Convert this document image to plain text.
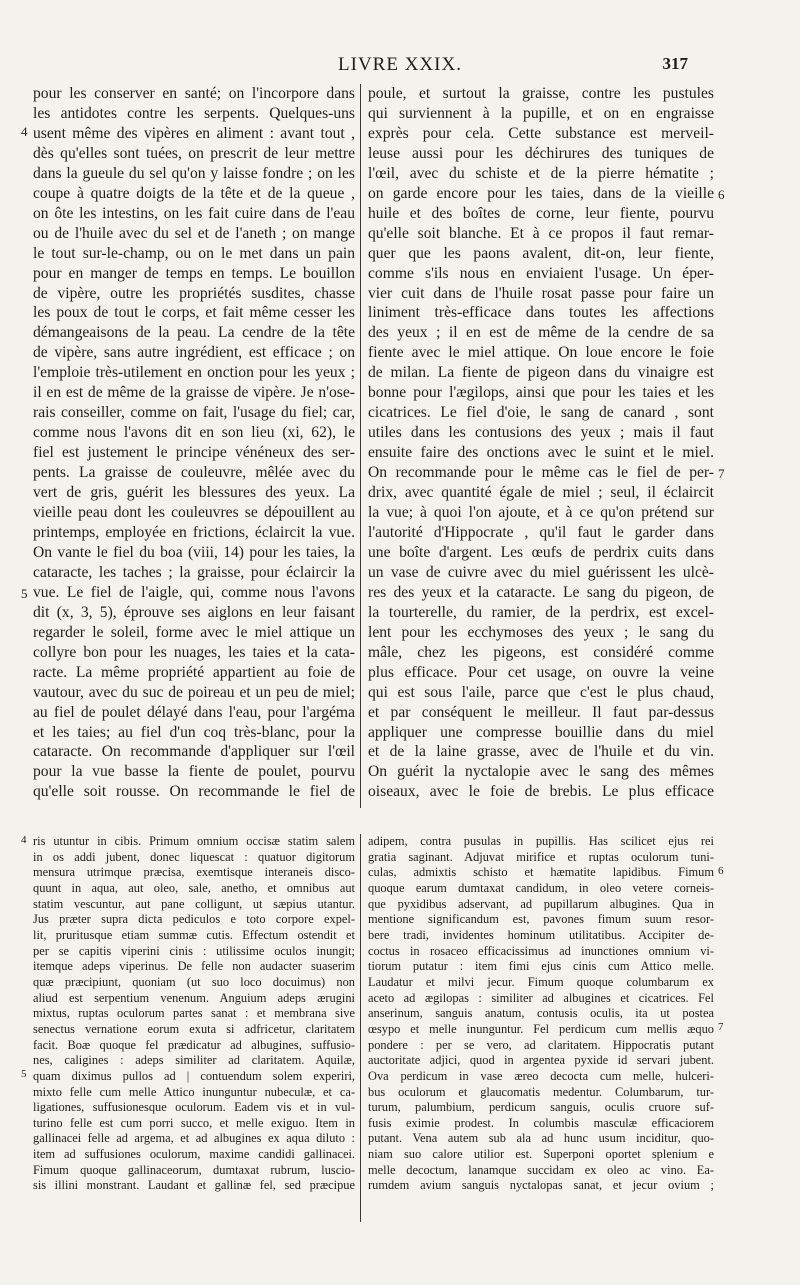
LIVRE XXIX.	317
pour les conserver en santé; on l'incorpore dans
les antidotes contre les serpents. Quelques-uns
usent même des vipères en aliment : avant tout ,
dès qu'elles sont tuées, on prescrit de leur mettre
dans la gueule du sel qu'on y laisse fondre ; on les
coupe à quatre doigts de la tête et de la queue ,
on ôte les intestins, on les fait cuire dans de l'eau
ou de l'huile avec du sel et de l'aneth ; on mange
le tout sur-le-champ, ou on le met dans un pain
pour en manger de temps en temps. Le bouillon
de vipère, outre les propriétés susdites, chasse
les poux de tout le corps, et fait même cesser les
démangeaisons de la peau. La cendre de la tête
de vipère, sans autre ingrédient, est efficace ; on
l'emploie très-utilement en onction pour les yeux ;
il en est de même de la graisse de vipère. Je n'ose-
rais conseiller, comme on fait, l'usage du fiel; car,
comme nous l'avons dit en son lieu (xi, 62), le
fiel est justement le principe vénéneux des ser-
pents. La graisse de couleuvre, mêlée avec du
vert de gris, guérit les blessures des yeux. La
vieille peau dont les couleuvres se dépouillent au
printemps, employée en frictions, éclaircit la vue.
On vante le fiel du boa (viii, 14) pour les taies, la
cataracte, les taches ; la graisse, pour éclaircir la
vue. Le fiel de l'aigle, qui, comme nous l'avons
dit (x, 3, 5), éprouve ses aiglons en leur faisant
regarder le soleil, forme avec le miel attique un
collyre bon pour les nuages, les taies et la cata-
racte. La même propriété appartient au foie de
vautour, avec du suc de poireau et un peu de miel;
au fiel de poulet délayé dans l'eau, pour l'argéma
et les taies; au fiel d'un coq très-blanc, pour la
cataracte. On recommande d'appliquer sur l'œil
pour la vue basse la fiente de poulet, pourvu
qu'elle soit rousse. On recommande le fiel de
poule, et surtout la graisse, contre les pustules
qui surviennent à la pupille, et on en engraisse
exprès pour cela. Cette substance est merveil-
leuse aussi pour les déchirures des tuniques de
l'œil, avec du schiste et de la pierre hématite ;
on garde encore pour les taies, dans de la vieille
huile et des boîtes de corne, leur fiente, pourvu
qu'elle soit blanche. Et à ce propos il faut remar-
quer que les paons avalent, dit-on, leur fiente,
comme s'ils nous en enviaient l'usage. Un éper-
vier cuit dans de l'huile rosat passe pour faire un
liniment très-efficace dans toutes les affections
des yeux ; il en est de même de la cendre de sa
fiente avec le miel attique. On loue encore le foie
de milan. La fiente de pigeon dans du vinaigre est
bonne pour l'ægilops, ainsi que pour les taies et les
cicatrices. Le fiel d'oie, le sang de canard , sont
utiles dans les contusions des yeux ; mais il faut
ensuite faire des onctions avec le suint et le miel.
On recommande pour le même cas le fiel de per-
drix, avec quantité égale de miel ; seul, il éclaircit
la vue; à quoi l'on ajoute, et à ce qu'on prétend sur
l'autorité d'Hippocrate , qu'il faut le garder dans
une boîte d'argent. Les œufs de perdrix cuits dans
un vase de cuivre avec du miel guérissent les ulcè-
res des yeux et la cataracte. Le sang du pigeon, de
la tourterelle, du ramier, de la perdrix, est excel-
lent pour les ecchymoses des yeux ; le sang du
mâle, chez les pigeons, est considéré comme
plus efficace. Pour cet usage, on ouvre la veine
qui est sous l'aile, parce que c'est le plus chaud,
et par conséquent le meilleur. Il faut par-dessus
appliquer une compresse bouillie dans du miel
et de la laine grasse, avec de l'huile et du vin.
On guérit la nyctalopie avec le sang des mêmes
oiseaux, avec le foie de brebis. Le plus efficace
ris utuntur in cibis. Primum omnium occisæ statim salem
in os addi jubent, donec liquescat : quatuor digitorum
mensura utrimque præcisa, exemtisque interaneis disco-
quunt in aqua, aut oleo, sale, anetho, et omnibus aut
statim vescuntur, aut pane colligunt, ut sæpius utantur.
Jus præter supra dicta pediculos e toto corpore expel-
lit, pruritusque etiam summæ cutis. Effectum ostendit et
per se capitis viperini cinis : utilissime oculos inungit;
itemque adeps viperinus. De felle non audacter suaserim
quæ præcipiunt, quoniam (ut suo loco docuimus) non
aliud est serpentium venenum. Anguium adeps ærugini
mixtus, ruptas oculorum partes sanat : et membrana sive
senectus vernatione eorum exuta si adfricetur, claritatem
facit. Boæ quoque fel prædicatur ad albugines, suffusio-
nes, caligines : adeps similiter ad claritatem. Aquilæ,
quam diximus pullos ad | contuendum solem experiri,
mixto felle cum melle Attico inunguntur nubeculæ, et ca-
ligationes, suffusionesque oculorum. Eadem vis et in vul-
turino felle est cum porri succo, et melle exiguo. Item in
gallinacei felle ad argema, et ad albugines ex aqua diluto :
item ad suffusiones oculorum, maxime candidi gallinacei.
Fimum quoque gallinaceorum, dumtaxat rubrum, luscio-
sis illini monstrant. Laudant et gallinæ fel, sed præcipue
adipem, contra pusulas in pupillis. Has scilicet ejus rei
gratia saginant. Adjuvat mirifice et ruptas oculorum tuni-
culas, admixtis schisto et hæmatite lapidibus. Fimum
quoque earum dumtaxat candidum, in oleo vetere corneis-
que pyxidibus adservant, ad pupillarum albugines. Qua in
mentione significandum est, pavones fimum suum resor-
bere tradi, invidentes hominum utilitatibus. Accipiter de-
coctus in rosaceo efficacissimus ad inunctiones omnium vi-
tiorum putatur : item fimi ejus cinis cum Attico melle.
Laudatur et milvi jecur. Fimum quoque columbarum ex
aceto ad ægilopas : similiter ad albugines et cicatrices. Fel
anserinum, sanguis anatum, contusis oculis, ita ut postea
œsypo et melle inunguntur. Fel perdicum cum mellis æquo
pondere : per se vero, ad claritatem. Hippocratis putant
auctoritate adjici, quod in argentea pyxide id servari jubent.
Ova perdicum in vase æreo decocta cum melle, hulceri-
bus oculorum et glaucomatis medentur. Columbarum, tur-
turum, palumbium, perdicum sanguis, oculis cruore suf-
fusis eximie prodest. In columbis masculæ efficaciorem
putant. Vena autem sub ala ad hunc usum inciditur, quo-
niam suo calore utilior est. Superponi oportet splenium e
melle decoctum, lanamque succidam ex oleo ac vino. Ea-
rumdem avium sanguis nyctalopas sanat, et jecur ovium ;
4
5
6
7
4
5
6
7
